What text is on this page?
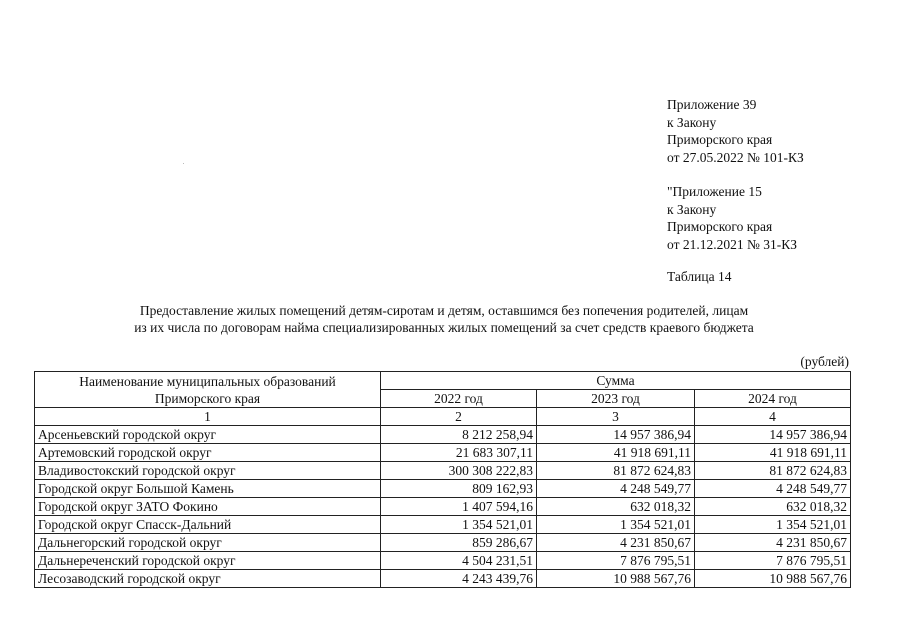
Приложение 39
к Закону
Приморского края
от 27.05.2022 № 101-КЗ
"Приложение 15
к Закону
Приморского края
от 21.12.2021 № 31-КЗ
Таблица 14
Предоставление жилых помещений детям-сиротам и детям, оставшимся без попечения родителей, лицам
из их числа по договорам найма специализированных жилых помещений за счет средств краевого бюджета
(рублей)
Наименование муниципальных образований Приморского края	Сумма		
	2022 год	2023 год	2024 год
1	2	3	4
Арсеньевский городской округ	8 212 258,94	14 957 386,94	14 957 386,94
Артемовский городской округ	21 683 307,11	41 918 691,11	41 918 691,11
Владивостокский городской округ	300 308 222,83	81 872 624,83	81 872 624,83
Городской округ Большой Камень	809 162,93	4 248 549,77	4 248 549,77
Городской округ ЗАТО Фокино	1 407 594,16	632 018,32	632 018,32
Городской округ Спасск-Дальний	1 354 521,01	1 354 521,01	1 354 521,01
Дальнегорский городской округ	859 286,67	4 231 850,67	4 231 850,67
Дальнереченский городской округ	4 504 231,51	7 876 795,51	7 876 795,51
Лесозаводский городской округ	4 243 439,76	10 988 567,76	10 988 567,76
